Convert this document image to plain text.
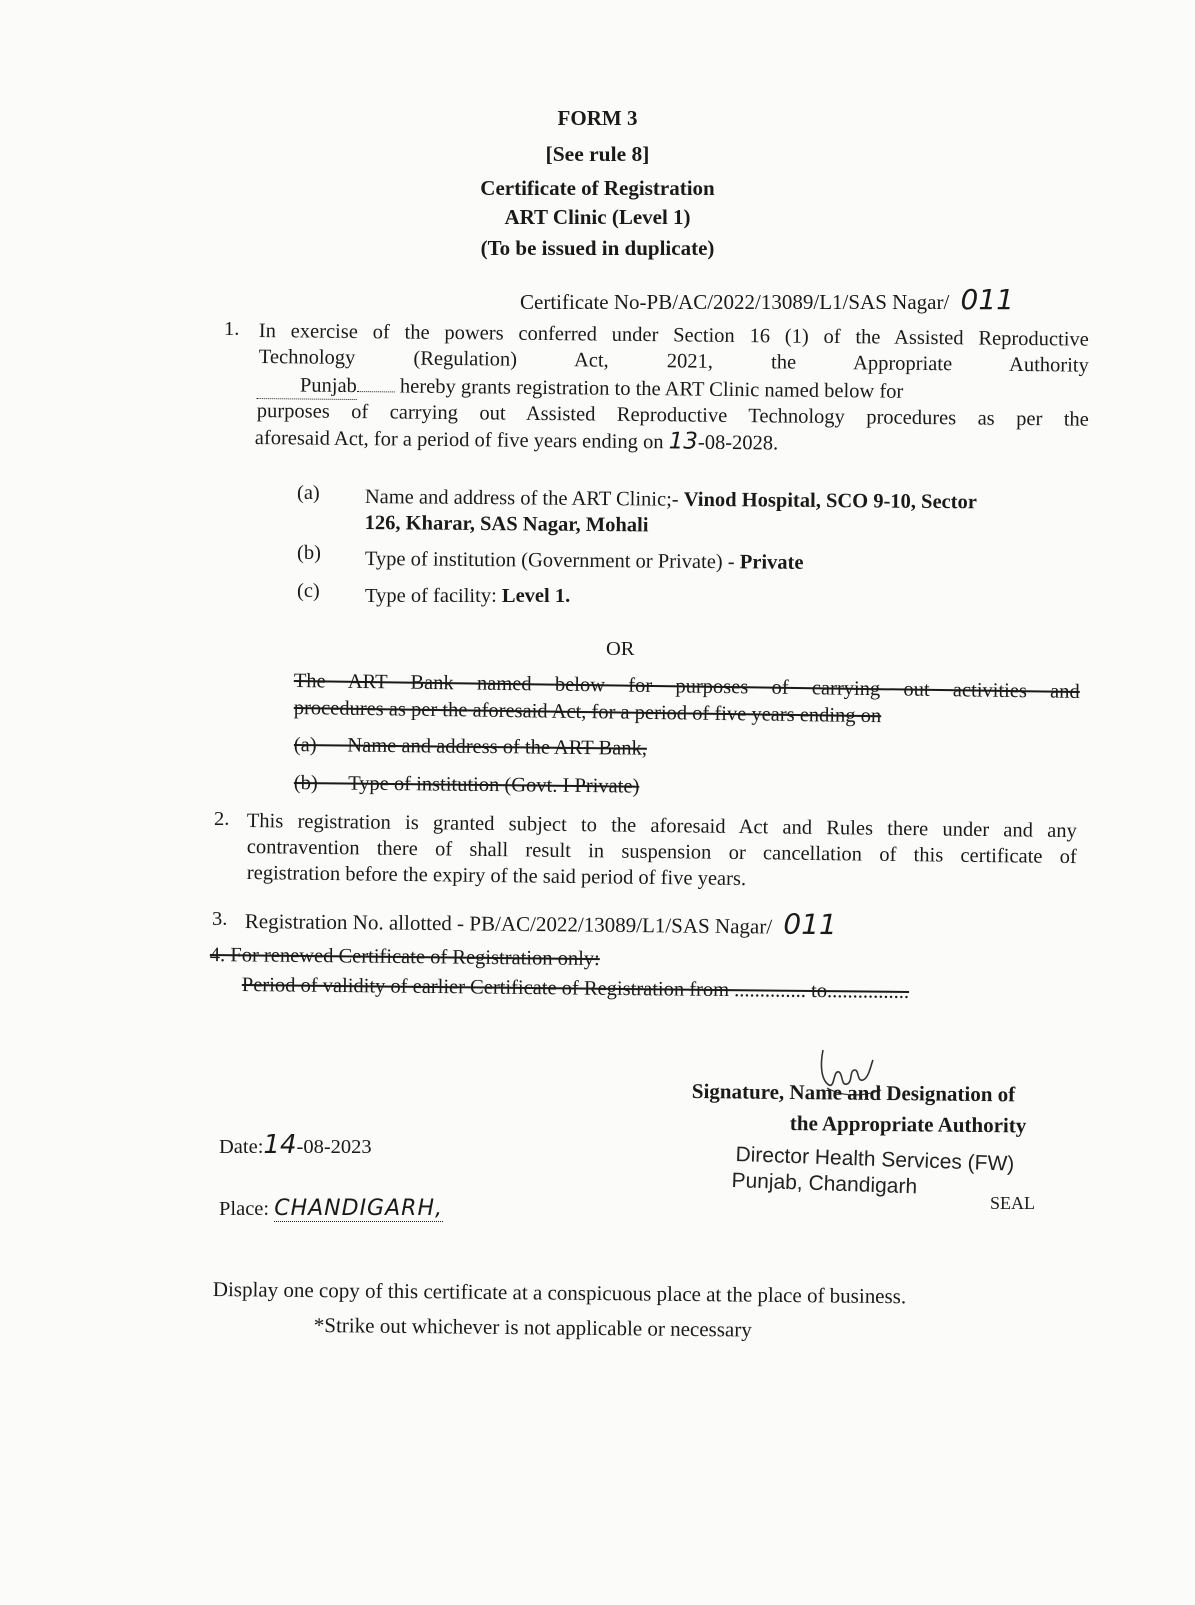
FORM 3
[See rule 8]
Certificate of Registration
ART Clinic (Level 1)
(To be issued in duplicate)
Certificate No-PB/AC/2022/13089/L1/SAS Nagar/ 011
1. In exercise of the powers conferred under Section 16 (1) of the Assisted Reproductive
Technology (Regulation) Act, 2021, the Appropriate Authority
Punjab hereby grants registration to the ART Clinic named below for
purposes of carrying out Assisted Reproductive Technology procedures as per the
aforesaid Act, for a period of five years ending on 13-08-2028.
(a) Name and address of the ART Clinic;- Vinod Hospital, SCO 9-10, Sector
126, Kharar, SAS Nagar, Mohali
(b) Type of institution (Government or Private) - Private
(c) Type of facility: Level 1.
OR
The ART Bank named below for purposes of carrying out activities and
procedures as per the aforesaid Act, for a period of five years ending on
(a)      Name and address of the ART Bank,
(b)      Type of institution (Govt. I Private)
2. This registration is granted subject to the aforesaid Act and Rules there under and any
contravention there of shall result in suspension or cancellation of this certificate of
registration before the expiry of the said period of five years.
3. Registration No. allotted - PB/AC/2022/13089/L1/SAS Nagar/ 011
4. For renewed Certificate of Registration only:
Period of validity of earlier Certificate of Registration from .............. to................
Signature, Name and Designation of
the Appropriate Authority
Director Health Services (FW)
Punjab, Chandigarh
SEAL
Date:14-08-2023
Place: CHANDIGARH,
Display one copy of this certificate at a conspicuous place at the place of business.
*Strike out whichever is not applicable or necessary
